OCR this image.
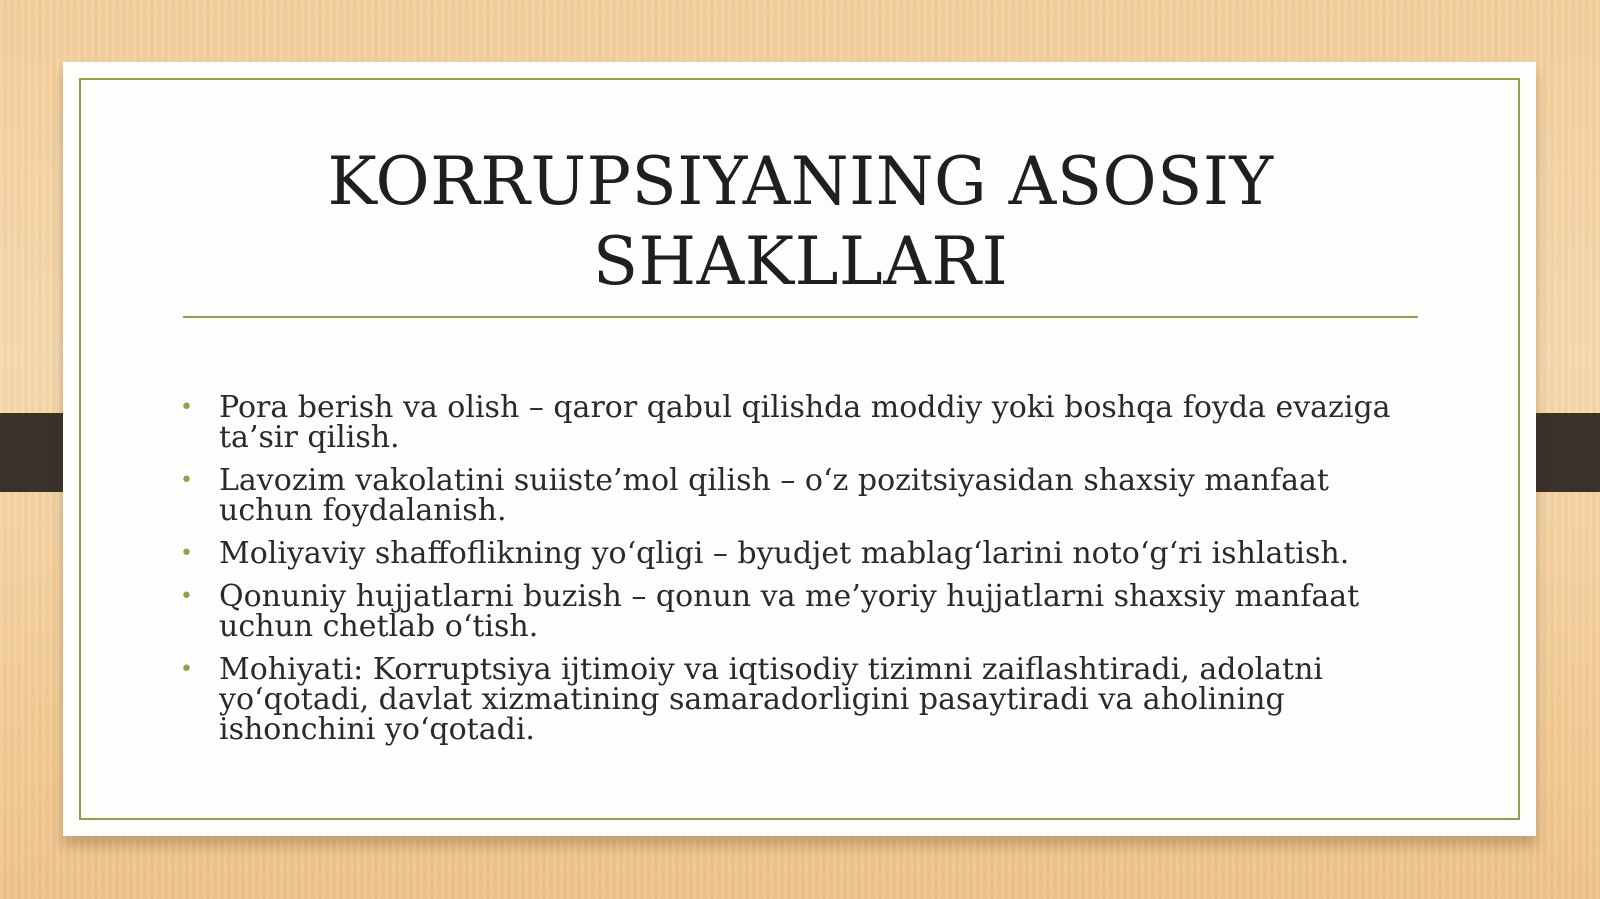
KORRUPSIYANING ASOSIY
SHAKLLARI
• Pora berish va olish – qaror qabul qilishda moddiy yoki boshqa foyda evaziga ta’sir qilish.
• Lavozim vakolatini suiiste’mol qilish – o‘z pozitsiyasidan shaxsiy manfaat uchun foydalanish.
• Moliyaviy shaffoflikning yo‘qligi – byudjet mablag‘larini noto‘g‘ri ishlatish.
• Qonuniy hujjatlarni buzish – qonun va me’yoriy hujjatlarni shaxsiy manfaat uchun chetlab o‘tish.
• Mohiyati: Korruptsiya ijtimoiy va iqtisodiy tizimni zaiflashtiradi, adolatni yo‘qotadi, davlat xizmatining samaradorligini pasaytiradi va aholining ishonchini yo‘qotadi.
